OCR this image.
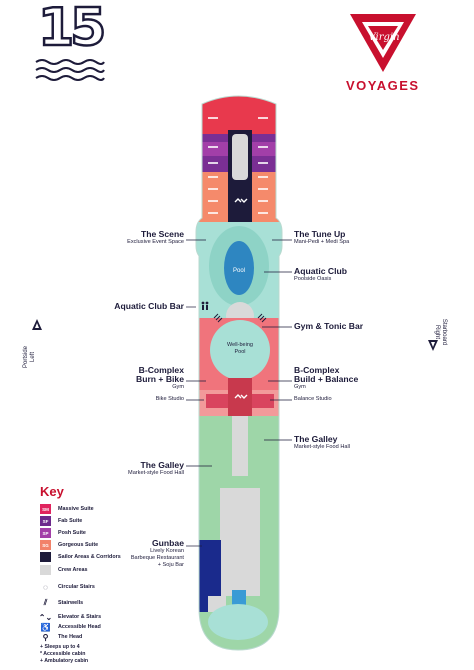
15	Virgin
VOYAGES
Portside Left
Starboard
Right
Pool
Well-being
Pool
The Scene
Exclusive Event Space
Aquatic Club Bar
B-Complex
Burn + Bike
Gym
Bike Studio
The Galley
Market-style Food Hall
Gunbae
Lively Korean
Barbeque Restaurant
+ Soju Bar
The Tune Up
Mani-Pedi + Medi Spa
Aquatic Club
Poolside Oasis
Gym & Tonic Bar
B-Complex
Build + Balance
Gym
Balance Studio
The Galley
Market-style Food Hall
Key
SM Massive Suite
SF Fab Suite
SP Posh Suite
SG Gorgeous Suite
Sailor Areas & Corridors
Crew Areas
◌	Circular Stairs
⫽	Stairwells
⌃⌄ Elevator & Stairs
♿ Accessible Head
⚲	The Head
+ Sleeps up to 4
* Accessible cabin
+ Ambulatory cabin
